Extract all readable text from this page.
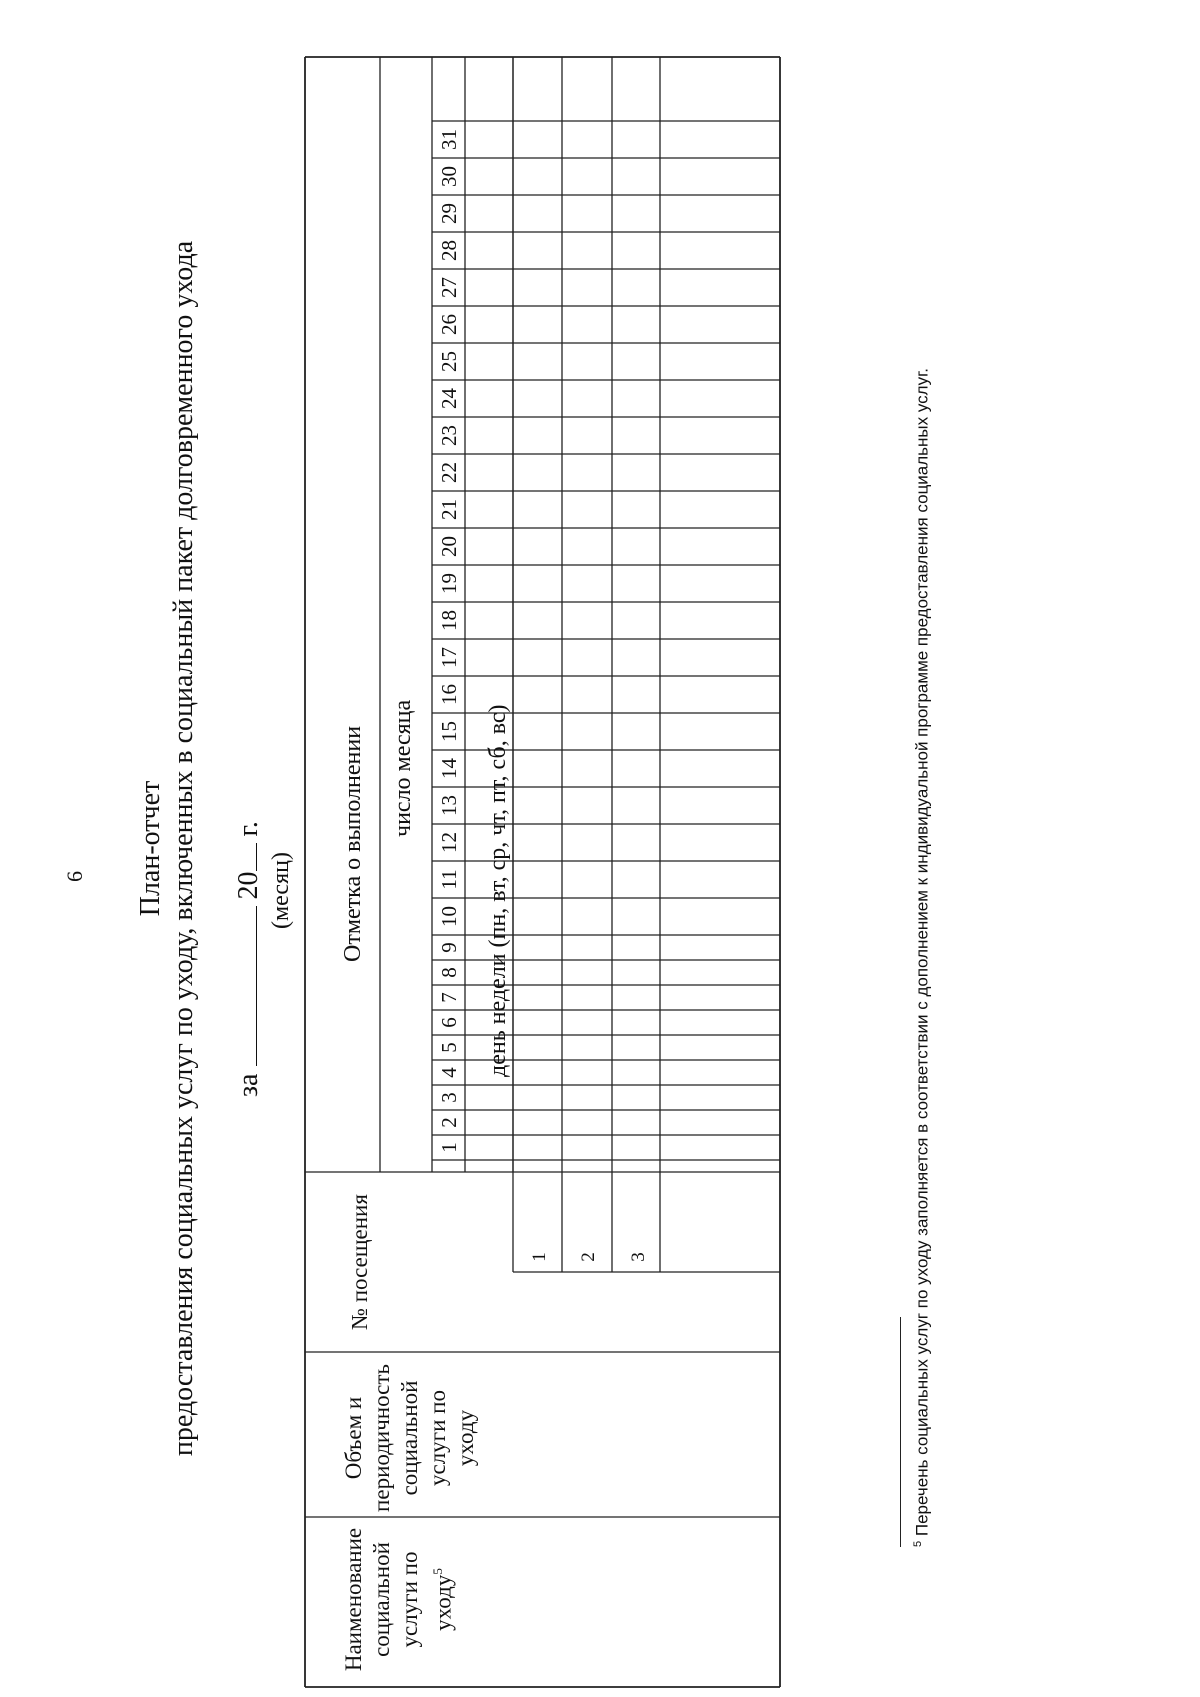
6 План-отчет предоставления социальных услуг по уходу, включенных в социальный пакет долговременного ухода за  20 г.
(месяц)
1
2
3
4
5
6
7
8
9
10
11
12
13
14
15
16
17
18
19
20
21
22
23
24
25
26
27
28
29
30
31
1 2 3
Наименование социальной услуги по уходу$^5$
Объем и периодичность социальной услуги по уходу
№ посещения
Отметка о выполнении число месяца	день недели (пн, вт, ср, чт, пт, сб, вс)
$^5$ Перечень социальных услуг по уходу заполняется в соответствии с дополнением к индивидуальной программе предоставления социальных услуг.
